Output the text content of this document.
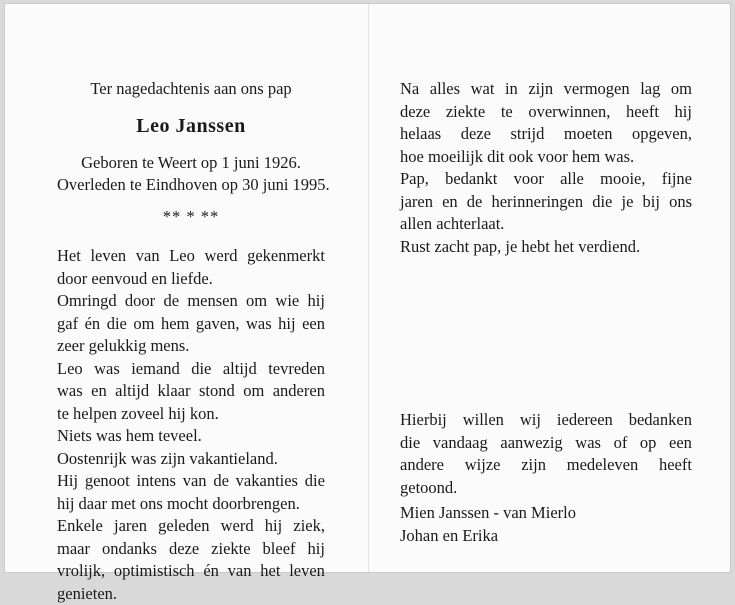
Ter nagedachtenis aan ons pap
Leo Janssen
Geboren te Weert op 1 juni 1926.
Overleden te Eindhoven op 30 juni 1995.
** * **
Het leven van Leo werd gekenmerkt
door eenvoud en liefde.
Omringd door de mensen om wie hij
gaf én die om hem gaven, was hij een
zeer gelukkig mens.
Leo was iemand die altijd tevreden
was en altijd klaar stond om anderen
te helpen zoveel hij kon.
Niets was hem teveel.
Oostenrijk was zijn vakantieland.
Hij genoot intens van de vakanties die
hij daar met ons mocht doorbrengen.
Enkele jaren geleden werd hij ziek,
maar ondanks deze ziekte bleef hij
vrolijk, optimistisch én van het leven
genieten.
Na alles wat in zijn vermogen lag om
deze ziekte te overwinnen, heeft hij
helaas deze strijd moeten opgeven,
hoe moeilijk dit ook voor hem was.
Pap, bedankt voor alle mooie, fijne
jaren en de herinneringen die je bij ons
allen achterlaat.
Rust zacht pap, je hebt het verdiend.
Hierbij willen wij iedereen bedanken
die vandaag aanwezig was of op een
andere wijze zijn medeleven heeft
getoond.
Mien Janssen - van Mierlo
Johan en Erika
